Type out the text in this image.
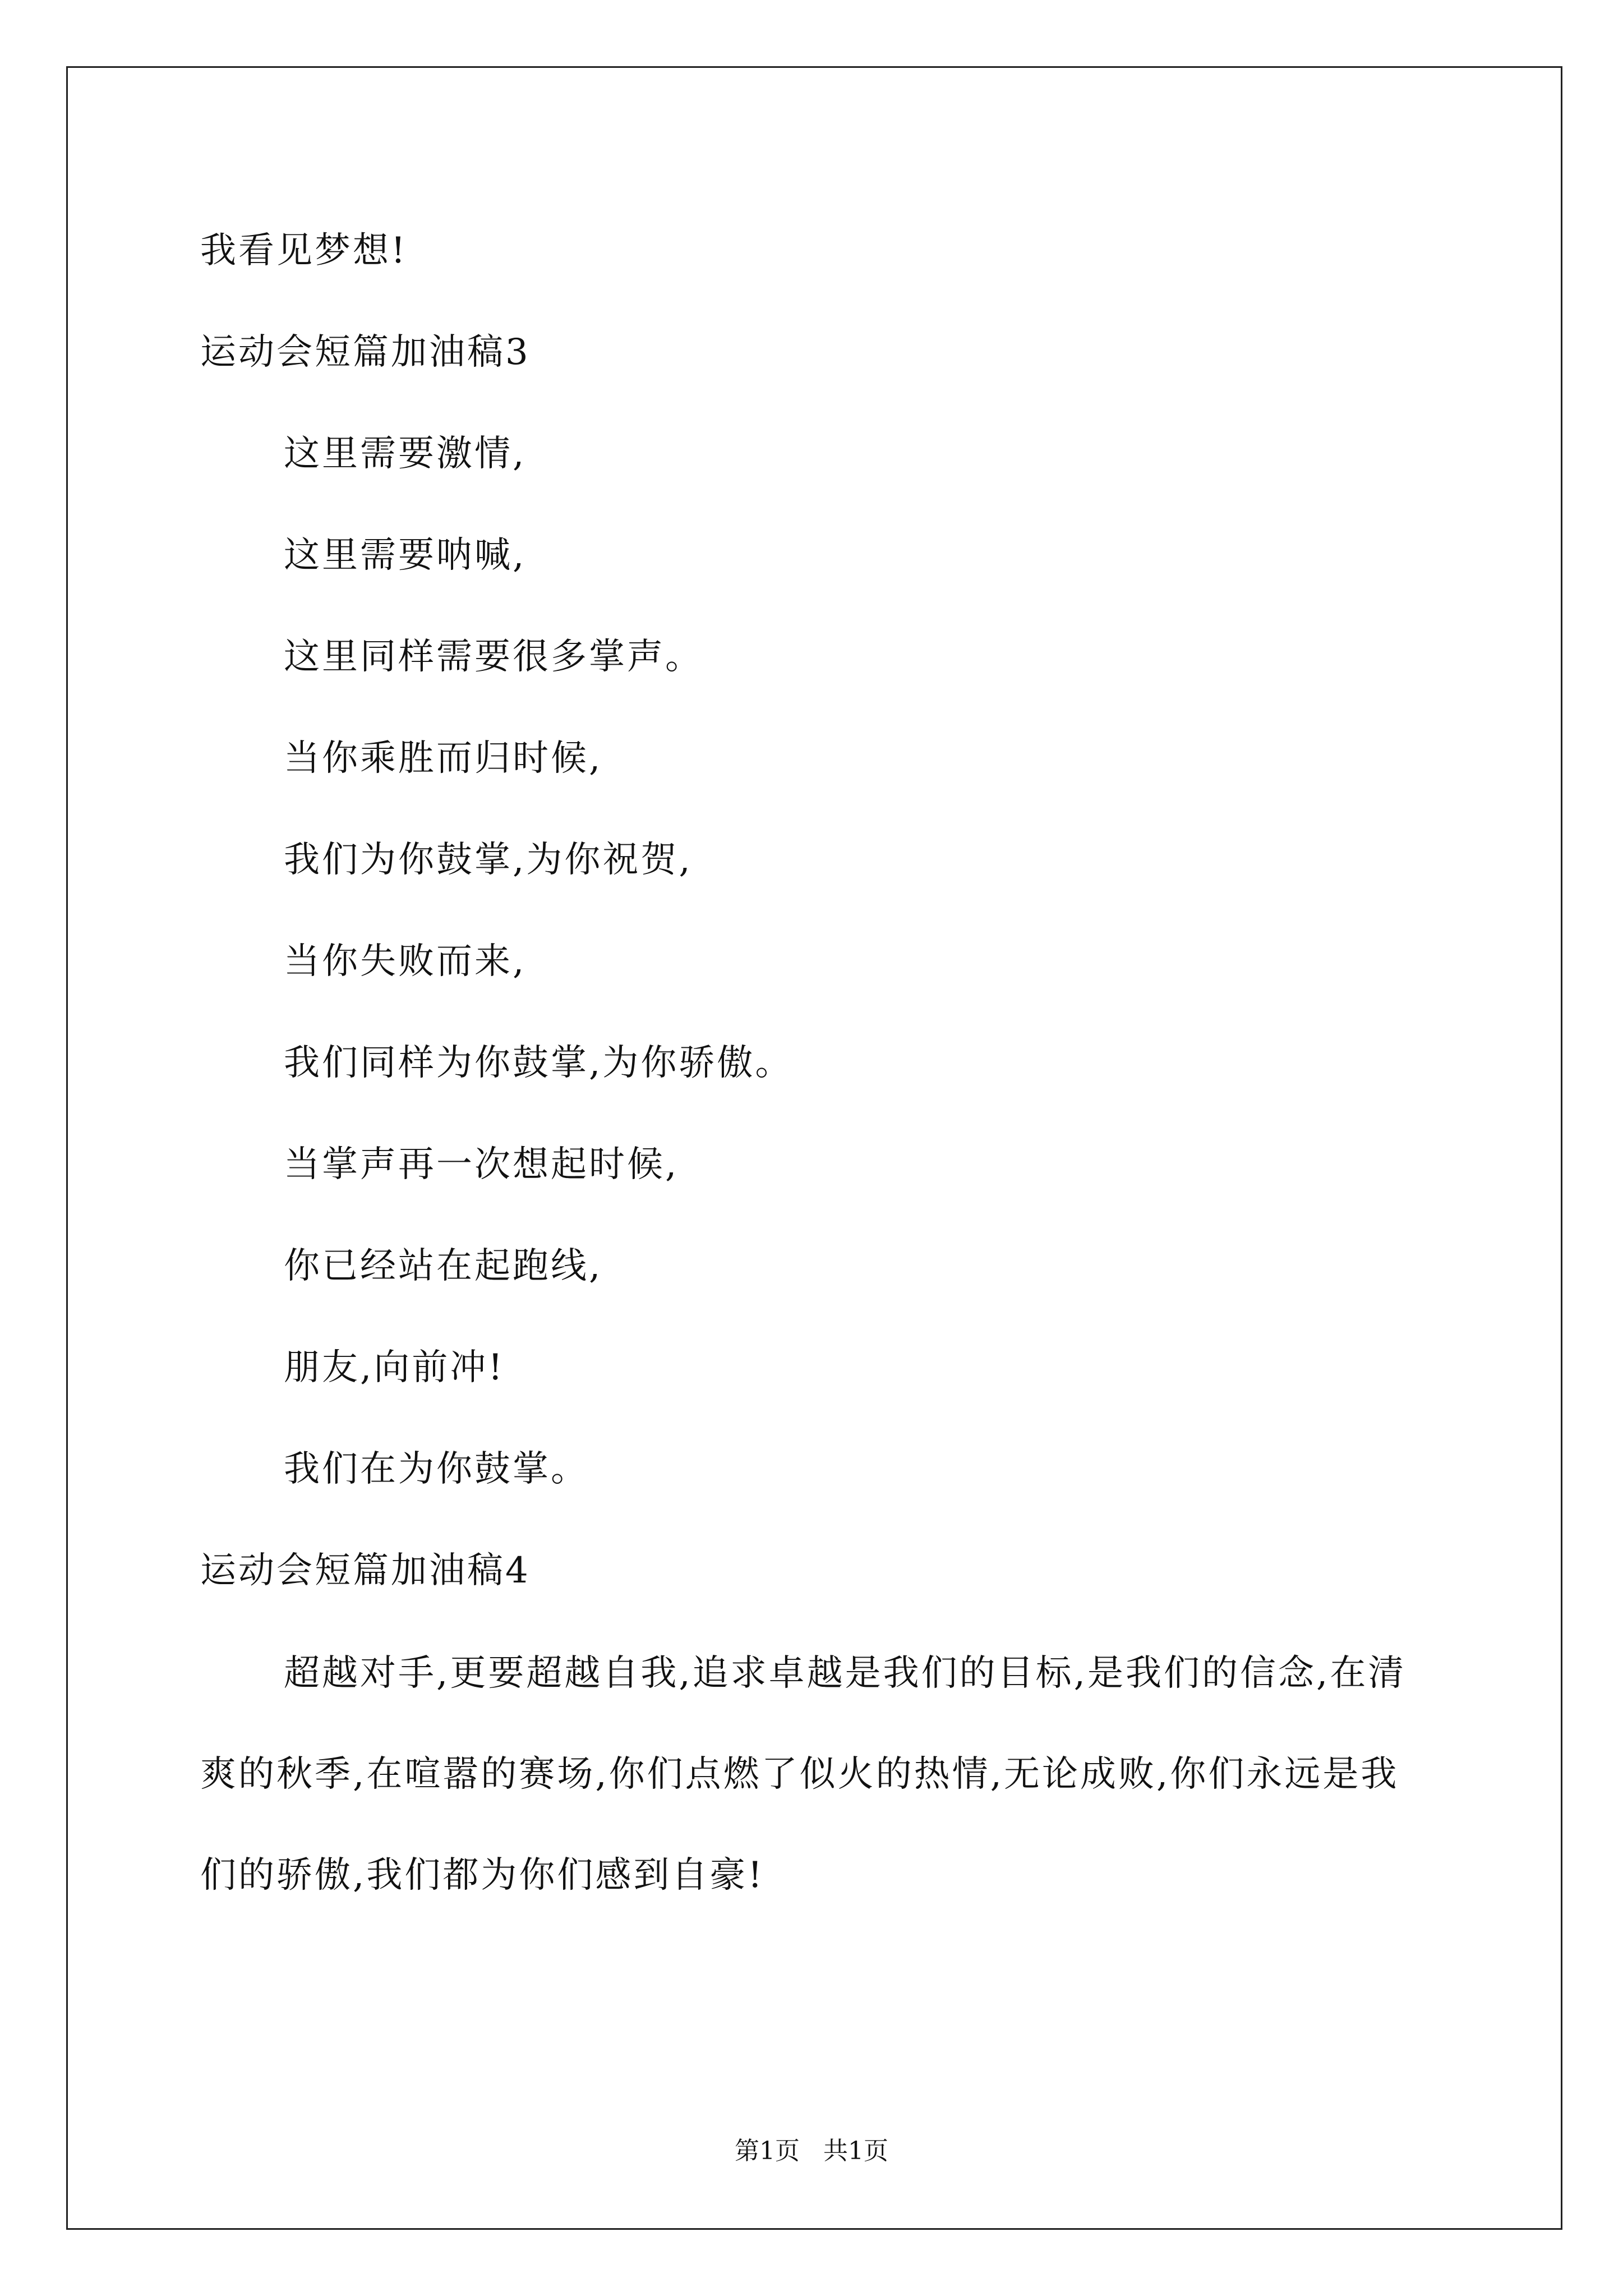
我看见梦想!
运动会短篇加油稿3
这里需要激情,
这里需要呐喊,
这里同样需要很多掌声。
当你乘胜而归时候,
我们为你鼓掌,为你祝贺,
当你失败而来,
我们同样为你鼓掌,为你骄傲。
当掌声再一次想起时候,
你已经站在起跑线,
朋友,向前冲!
我们在为你鼓掌。
运动会短篇加油稿4

超越对手,更要超越自我,追求卓越是我们的目标,是我们的信念,在清爽的秋季,在喧嚣的赛场,你们点燃了似火的热情,无论成败,你们永远是我们的骄傲,我们都为你们感到自豪!

第1页   共1页
